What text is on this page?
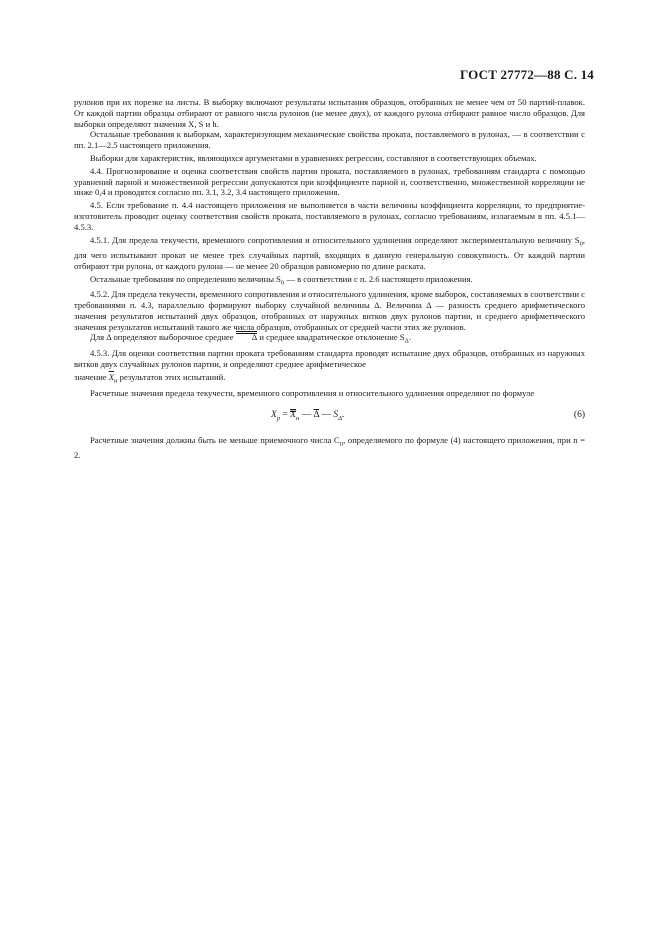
ГОСТ 27772—88 С. 14

рулонов при их порезке на листы. В выборку включают результаты испытания образцов, отобранных не менее чем от 50 партий-плавок. От каждой партии образцы отбирают от равного числа рулонов (не менее двух), от каждого рулона отбирают равное число образцов. Для выборки определяют значения X, S и h.

Остальные требования к выборкам, характеризующим механические свойства проката, поставляемого в рулонах, — в соответствии с пп. 2.1—2.5 настоящего приложения.

Выборки для характеристик, являющихся аргументами в уравнениях регрессии, составляют в соответствующих объемах.

4.4. Прогнозирование и оценка соответствия свойств партии проката, поставляемого в рулонах, требованиям стандарта с помощью уравнений парной и множественной регрессии допускаются при коэффициенте парной и, соответственно, множественной корреляции не ниже 0,4 и проводятся согласно пп. 3.1, 3.2, 3.4 настоящего приложения.

4.5. Если требование п. 4.4 настоящего приложения не выполняется в части величины коэффициента корреляции, то предприятие-изготовитель проводит оценку соответствия свойств проката, поставляемого в рулонах, согласно требованиям, излагаемым в пп. 4.5.1—4.5.3.

4.5.1. Для предела текучести, временного сопротивления и относительного удлинения определяют экспериментальную величину $S_0$, для чего испытывают прокат не менее трех случайных партий, входящих в данную генеральную совокупность. От каждой партии отбирают три рулона, от каждого рулона — не менее 20 образцов равномерно по длине раската.

Остальные требования по определению величины $S_0$ — в соответствии с п. 2.6 настоящего приложения.

4.5.2. Для предела текучести, временного сопротивления и относительного удлинения, кроме выборок, составляемых в соответствии с требованиями п. 4.3, параллельно формируют выборку случайной величины Δ. Величина Δ — разность среднего арифметического значения результатов испытаний двух образцов, отобранных от наружных витков двух рулонов партии, и среднего арифметического значения результатов испытаний такого же числа образцов, отобранных от средней части этих же рулонов.

Для Δ определяют выборочное среднее Δ и среднее квадратическое отклонение $S_\Delta$.

4.5.3. Для оценки соответствия партии проката требованиям стандарта проводят испытание двух образцов, отобранных из наружных витков двух случайных рулонов партии, и определяют среднее арифметическое

значение $\overline{X}_н$ результатов этих испытаний.

Расчетные значения предела текучести, временного сопротивления и относительного удлинения определяют по формуле

$X_р = X_н$ — $\overline{\Delta}$ — $S_\Delta$.	(6)

Расчетные значения должны быть не меньше приемочного числа $C_п$, определяемого по формуле (4) настоящего приложения, при n = 2.
